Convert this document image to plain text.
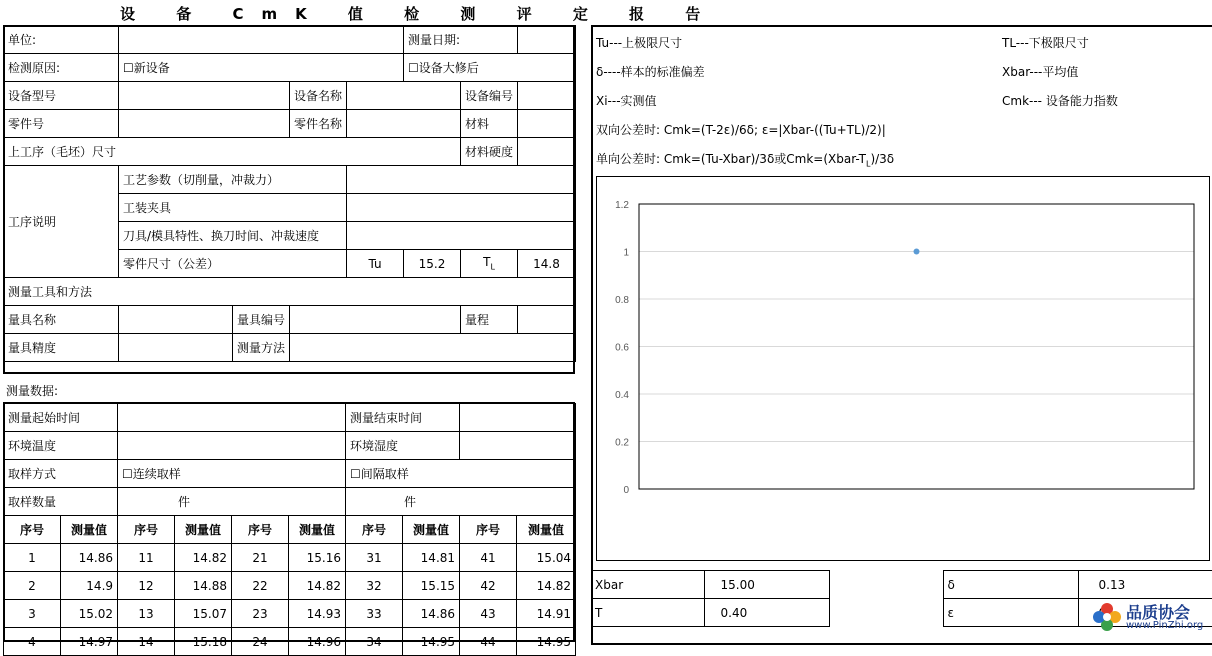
设 备 CmK 值 检 测 评 定 报 告
单位:					测量日期:		
检测原因:	☐新设备				☐设备大修后		
设备型号			设备名称			设备编号	
零件号			零件名称			材料	
上工序（毛坯）尺寸						材料硬度	
工序说明	工艺参数（切削量，冲裁力）						
	工装夹具						
	刀具/模具特性、换刀时间、冲裁速度						
	零件尺寸（公差）			Tu	15.2	$T_L$	14.8
测量工具和方法							
量具名称		量具编号				量程	
量具精度		测量方法					
测量数据:
测量起始时间						测量结束时间			
环境温度						环境湿度			
取样方式		☐连续取样				☐间隔取样			
取样数量		件				件			
序号	测量值	序号	测量值	序号	测量值	序号	测量值	序号	测量值
1	14.86	11	14.82	21	15.16	31	14.81	41	15.04
2	14.9	12	14.88	22	14.82	32	15.15	42	14.82
3	15.02	13	15.07	23	14.93	33	14.86	43	14.91
4	14.97	14	15.18	24	14.96	34	14.95	44	14.95
Tu---上极限尺寸	TL---下极限尺寸
δ----样本的标准偏差	Xbar---平均值
Xi---实测值	Cmk--- 设备能力指数
双向公差时: Cmk=(T-2ε)/6δ; ε=|Xbar-((Tu+TL)/2)|
单向公差时: Cmk=(Tu-Xbar)/3δ或$Cmk=(Xbar-T_L)/3\delta$
0
0.2
0.4
0.6
0.8
1
1.2
Xbar	15.00		δ	0.13
T	0.40		ε		品质协会
www.PinZhi.org
